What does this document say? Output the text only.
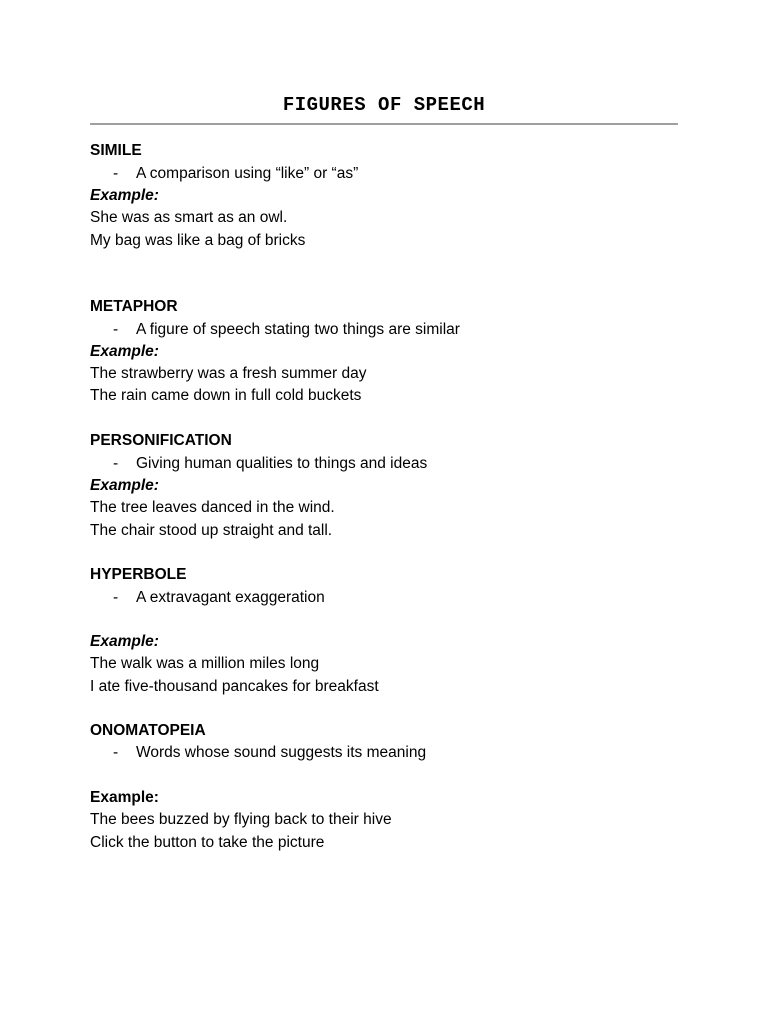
FIGURES OF SPEECH
SIMILE
- A comparison using “like” or “as”
Example:
She was as smart as an owl.
My bag was like a bag of bricks
METAPHOR
- A figure of speech stating two things are similar
Example:
The strawberry was a fresh summer day
The rain came down in full cold buckets
PERSONIFICATION
- Giving human qualities to things and ideas
Example:
The tree leaves danced in the wind.
The chair stood up straight and tall.
HYPERBOLE
- A extravagant exaggeration
Example:
The walk was a million miles long
I ate five-thousand pancakes for breakfast
ONOMATOPEIA
- Words whose sound suggests its meaning
Example:
The bees buzzed by flying back to their hive
Click the button to take the picture
